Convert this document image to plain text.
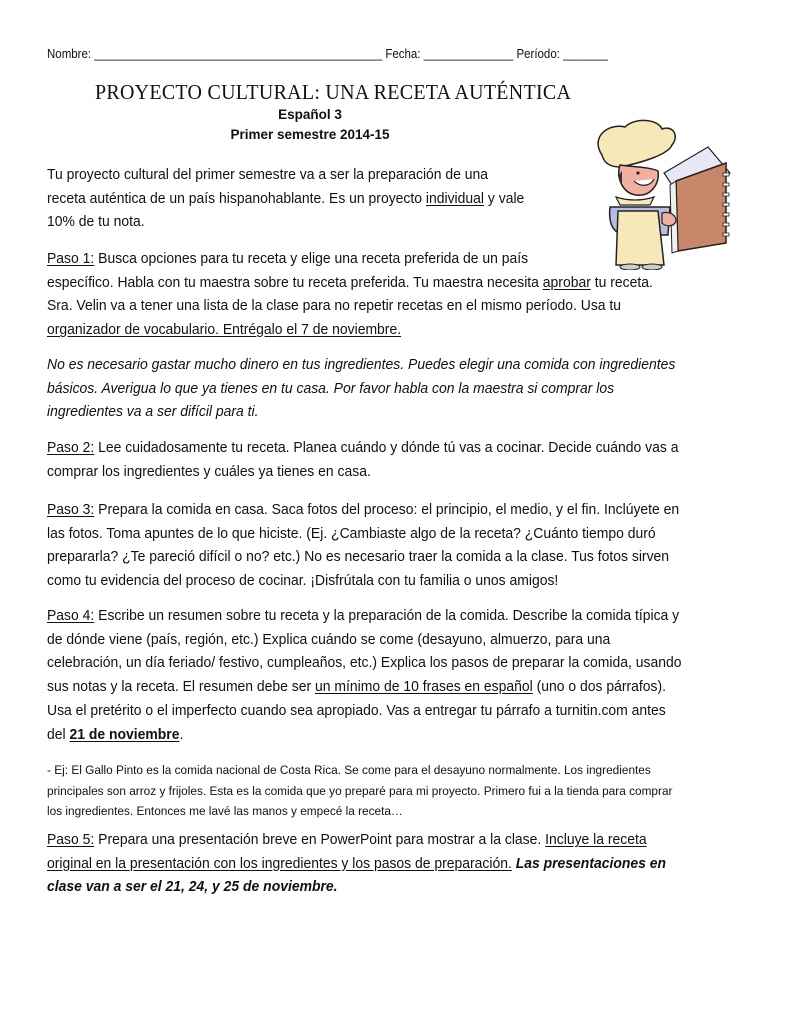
Nombre: _____________________________________________ Fecha: ______________ Período: _______
PROYECTO CULTURAL: UNA RECETA AUTÉNTICA
Español 3
Primer semestre 2014-15
Tu proyecto cultural del primer semestre va a ser la preparación de una
receta auténtica de un país hispanohablante. Es un proyecto individual y vale
10% de tu nota.
Paso 1: Busca opciones para tu receta y elige una receta preferida de un país
específico. Habla con tu maestra sobre tu receta preferida. Tu maestra necesita aprobar tu receta.
Sra. Velin va a tener una lista de la clase para no repetir recetas en el mismo período. Usa tu
organizador de vocabulario. Entrégalo el 7 de noviembre.
No es necesario gastar mucho dinero en tus ingredientes. Puedes elegir una comida con ingredientes
básicos. Averigua lo que ya tienes en tu casa. Por favor habla con la maestra si comprar los
ingredientes va a ser difícil para ti.
Paso 2: Lee cuidadosamente tu receta. Planea cuándo y dónde tú vas a cocinar. Decide cuándo vas a
comprar los ingredientes y cuáles ya tienes en casa.
Paso 3: Prepara la comida en casa. Saca fotos del proceso: el principio, el medio, y el fin. Inclúyete en
las fotos. Toma apuntes de lo que hiciste. (Ej. ¿Cambiaste algo de la receta? ¿Cuánto tiempo duró
prepararla? ¿Te pareció difícil o no? etc.) No es necesario traer la comida a la clase. Tus fotos sirven
como tu evidencia del proceso de cocinar. ¡Disfrútala con tu familia o unos amigos!
Paso 4: Escribe un resumen sobre tu receta y la preparación de la comida. Describe la comida típica y
de dónde viene (país, región, etc.) Explica cuándo se come (desayuno, almuerzo, para una
celebración, un día feriado/ festivo, cumpleaños, etc.) Explica los pasos de preparar la comida, usando
sus notas y la receta. El resumen debe ser un mínimo de 10 frases en español (uno o dos párrafos).
Usa el pretérito o el imperfecto cuando sea apropiado. Vas a entregar tu párrafo a turnitin.com antes
del 21 de noviembre.
- Ej: El Gallo Pinto es la comida nacional de Costa Rica. Se come para el desayuno normalmente. Los ingredientes
principales son arroz y frijoles. Esta es la comida que yo preparé para mi proyecto. Primero fui a la tienda para comprar
los ingredientes. Entonces me lavé las manos y empecé la receta…
Paso 5: Prepara una presentación breve en PowerPoint para mostrar a la clase. Incluye la receta
original en la presentación con los ingredientes y los pasos de preparación. Las presentaciones en
clase van a ser el 21, 24, y 25 de noviembre.
